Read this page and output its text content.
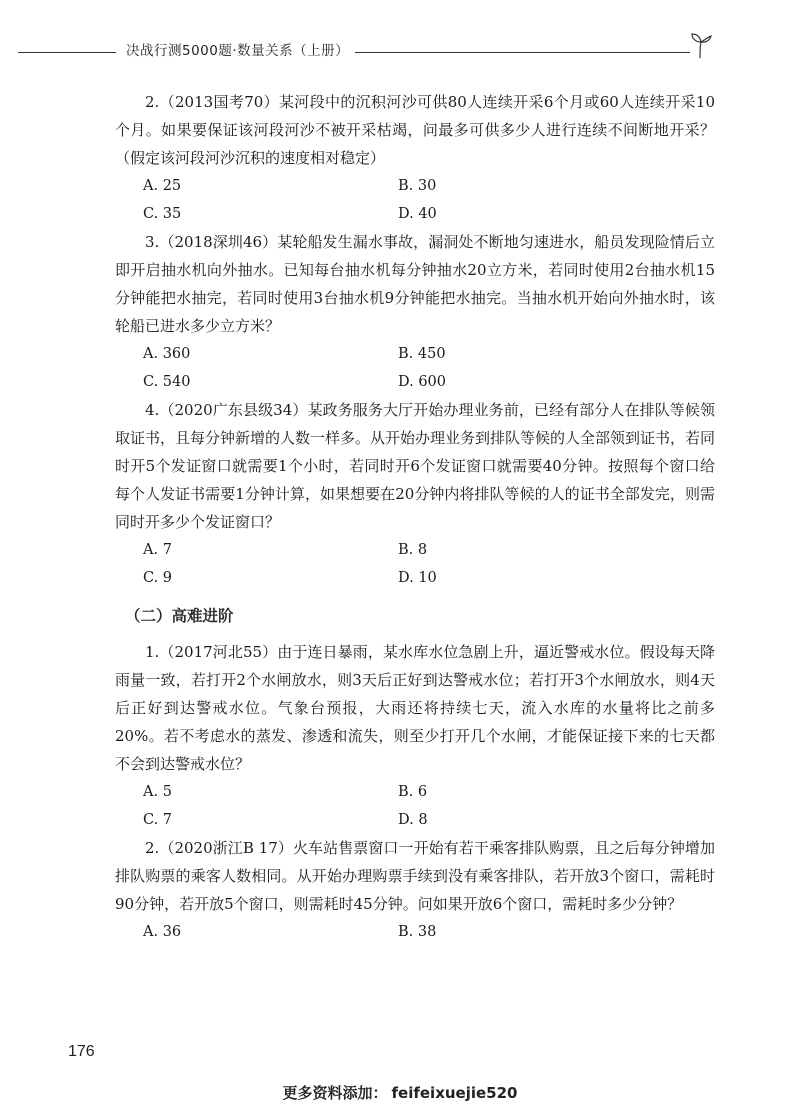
决战行测5000题·数量关系（上册）

2.（2013国考70）某河段中的沉积河沙可供80人连续开采6个月或60人连续开采10个月。如果要保证该河段河沙不被开采枯竭，问最多可供多少人进行连续不间断地开采？（假定该河段河沙沉积的速度相对稳定）

A. 25	B. 30
C. 35	D. 40

3.（2018深圳46）某轮船发生漏水事故，漏洞处不断地匀速进水，船员发现险情后立即开启抽水机向外抽水。已知每台抽水机每分钟抽水20立方米，若同时使用2台抽水机15分钟能把水抽完，若同时使用3台抽水机9分钟能把水抽完。当抽水机开始向外抽水时，该轮船已进水多少立方米？

A. 360	B. 450
C. 540	D. 600

4.（2020广东县级34）某政务服务大厅开始办理业务前，已经有部分人在排队等候领取证书，且每分钟新增的人数一样多。从开始办理业务到排队等候的人全部领到证书，若同时开5个发证窗口就需要1个小时，若同时开6个发证窗口就需要40分钟。按照每个窗口给每个人发证书需要1分钟计算，如果想要在20分钟内将排队等候的人的证书全部发完，则需同时开多少个发证窗口？

A. 7	B. 8
C. 9	D. 10
（二）高难进阶

1.（2017河北55）由于连日暴雨，某水库水位急剧上升，逼近警戒水位。假设每天降雨量一致，若打开2个水闸放水，则3天后正好到达警戒水位；若打开3个水闸放水，则4天后正好到达警戒水位。气象台预报，大雨还将持续七天，流入水库的水量将比之前多20%。若不考虑水的蒸发、渗透和流失，则至少打开几个水闸，才能保证接下来的七天都不会到达警戒水位？

A. 5	B. 6
C. 7	D. 8

2.（2020浙江B 17）火车站售票窗口一开始有若干乘客排队购票，且之后每分钟增加排队购票的乘客人数相同。从开始办理购票手续到没有乘客排队，若开放3个窗口，需耗时90分钟，若开放5个窗口，则需耗时45分钟。问如果开放6个窗口，需耗时多少分钟？

A. 36	B. 38
176
更多资料添加： feifeixuejie520
